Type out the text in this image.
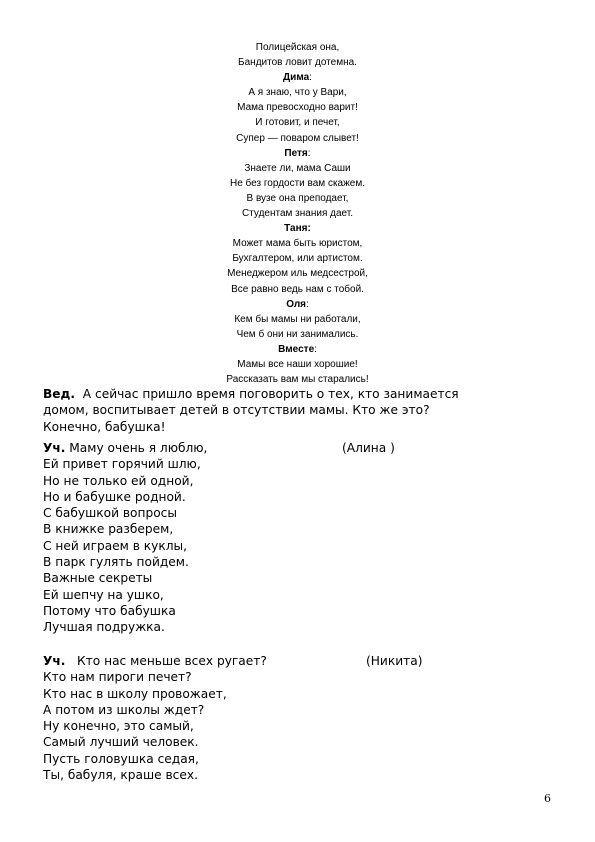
Полицейская она,
Бандитов ловит дотемна.
Дима:
А я знаю, что у Вари,
Мама превосходно варит!
И готовит, и печет,
Супер — поваром слывет!
Петя:
Знаете ли, мама Саши
Не без гордости вам скажем.
В вузе она преподает,
Студентам знания дает.
Таня:
Может мама быть юристом,
Бухгалтером, или артистом.
Менеджером иль медсестрой,
Все равно ведь нам с тобой.
Оля:
Кем бы мамы ни работали,
Чем б они ни занимались.
Вместе:
Мамы все наши хорошие!
Рассказать вам мы старались!
Вед.  А сейчас пришло время поговорить о тех, кто занимается
домом, воспитывает детей в отсутствии мамы. Кто же это?
Конечно, бабушка!
Уч. Маму очень я люблю,	(Алина )
Ей привет горячий шлю,
Но не только ей одной,
Но и бабушке родной.
С бабушкой вопросы
В книжке разберем,
С ней играем в куклы,
В парк гулять пойдем.
Важные секреты
Ей шепчу на ушко,
Потому что бабушка
Лучшая подружка.
Уч.   Кто нас меньше всех ругает?	(Никита)
Кто нам пироги печет?
Кто нас в школу провожает,
А потом из школы ждет?
Ну конечно, это самый,
Самый лучший человек.
Пусть головушка седая,
Ты, бабуля, краше всех.
6
